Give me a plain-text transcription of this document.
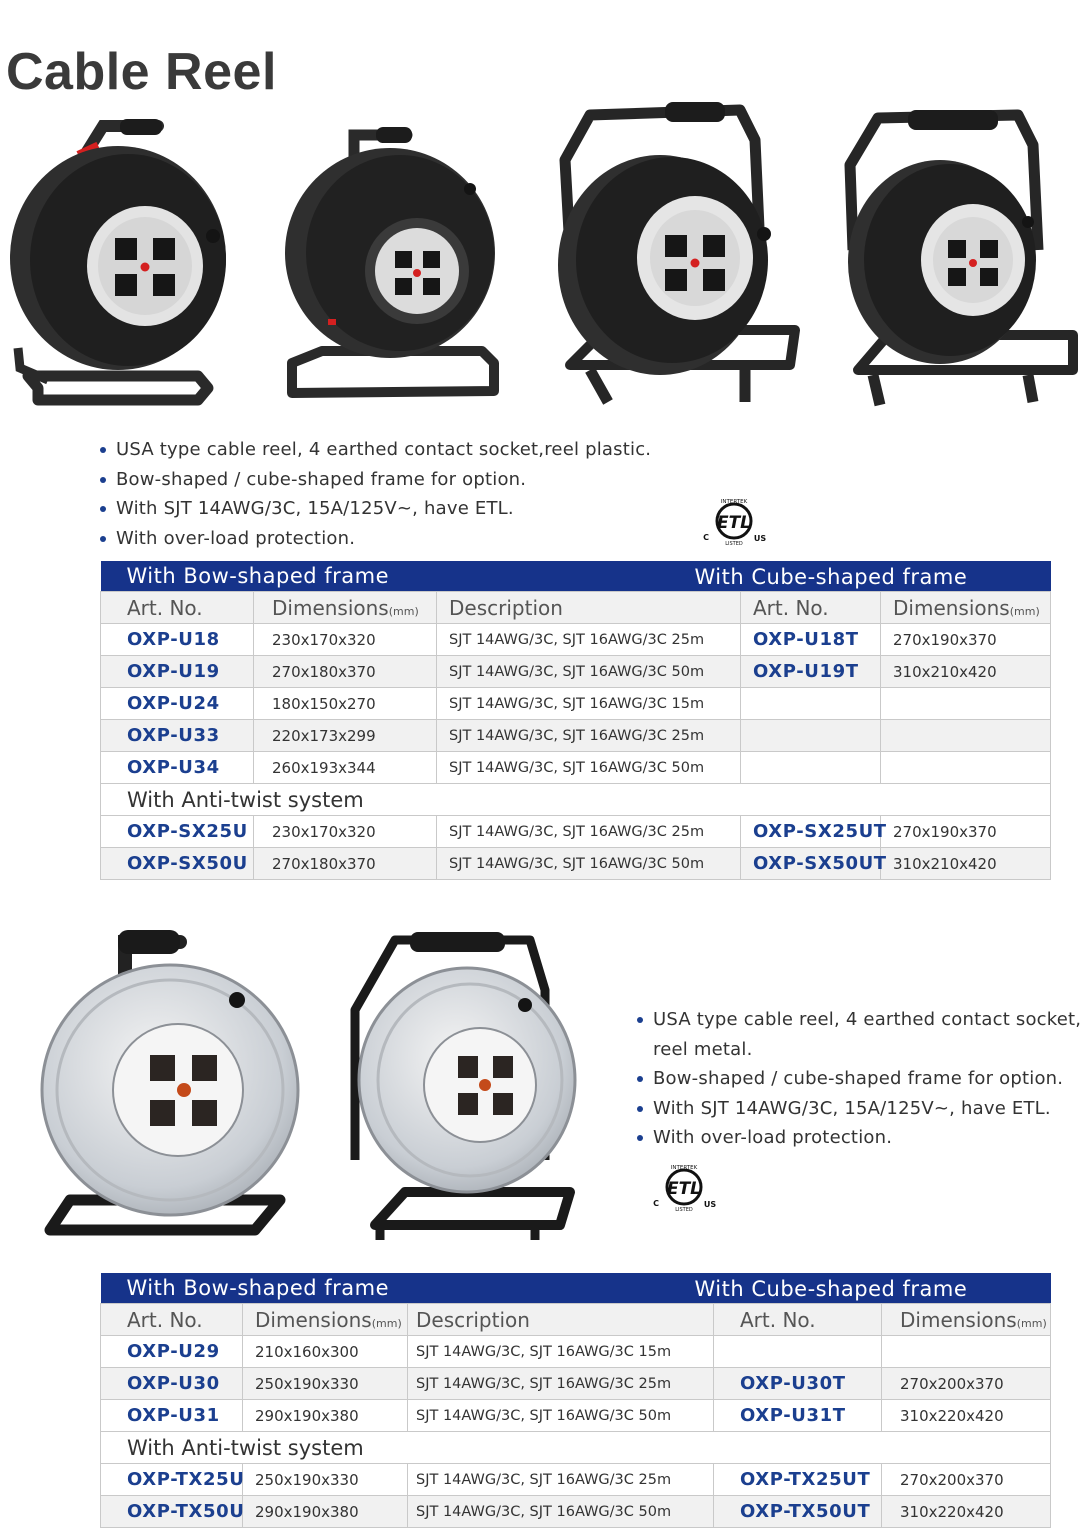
Cable Reel
USA type cable reel, 4 earthed contact socket,reel plastic.
Bow-shaped / cube-shaped frame for option.
With SJT 14AWG/3C, 15A/125V~, have ETL.
With over-load protection.
INTERTEK
ETL
C	US
LISTED
With Bow-shaped frame			With Cube-shaped frame	

Art. No.	Dimensions(mm)	Description	Art. No.	Dimensions(mm)
OXP-U18	230x170x320	SJT 14AWG/3C, SJT 16AWG/3C 25m	OXP-U18T	270x190x370
OXP-U19	270x180x370	SJT 14AWG/3C, SJT 16AWG/3C 50m	OXP-U19T	310x210x420
OXP-U24	180x150x270	SJT 14AWG/3C, SJT 16AWG/3C 15m		
OXP-U33	220x173x299	SJT 14AWG/3C, SJT 16AWG/3C 25m		
OXP-U34	260x193x344	SJT 14AWG/3C, SJT 16AWG/3C 50m		
With Anti-twist system				
OXP-SX25U	230x170x320	SJT 14AWG/3C, SJT 16AWG/3C 25m	OXP-SX25UT	270x190x370
OXP-SX50U	270x180x370	SJT 14AWG/3C, SJT 16AWG/3C 50m	OXP-SX50UT	310x210x420
USA type cable reel, 4 earthed contact socket,
reel metal.
Bow-shaped / cube-shaped frame for option.
With SJT 14AWG/3C, 15A/125V~, have ETL.
With over-load protection.
INTERTEK
ETL
C	US
LISTED
With Bow-shaped frame			With Cube-shaped frame	

Art. No.	Dimensions(mm)	Description	Art. No.	Dimensions(mm)
OXP-U29	210x160x300	SJT 14AWG/3C, SJT 16AWG/3C 15m		
OXP-U30	250x190x330	SJT 14AWG/3C, SJT 16AWG/3C 25m	OXP-U30T	270x200x370
OXP-U31	290x190x380	SJT 14AWG/3C, SJT 16AWG/3C 50m	OXP-U31T	310x220x420
With Anti-twist system				
OXP-TX25U	250x190x330	SJT 14AWG/3C, SJT 16AWG/3C 25m	OXP-TX25UT	270x200x370
OXP-TX50U	290x190x380	SJT 14AWG/3C, SJT 16AWG/3C 50m	OXP-TX50UT	310x220x420
